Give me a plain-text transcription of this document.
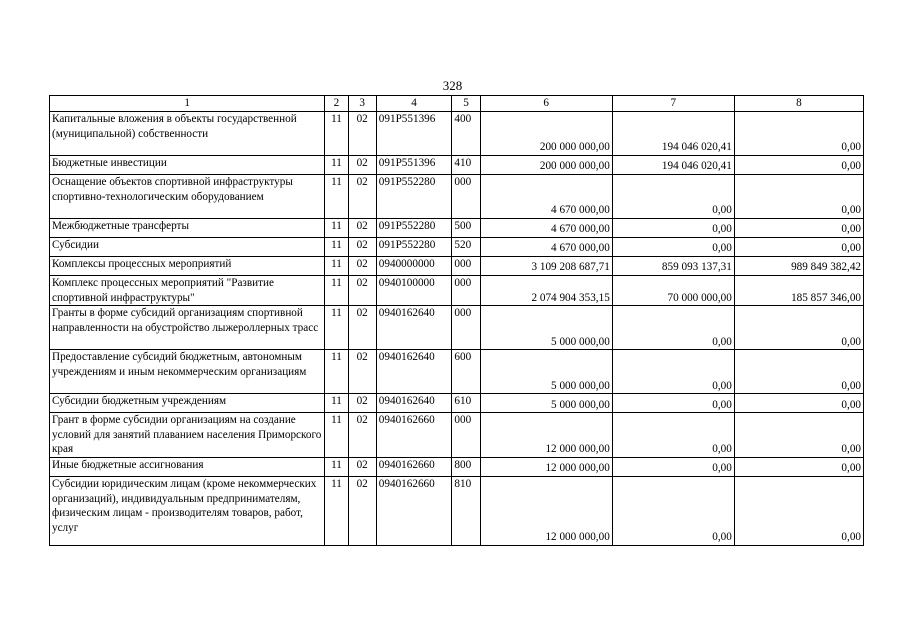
328
1	2	3	4	5	6	7	8
Капитальные вложения в объекты государственной (муниципальной) собственности	11	02	091P551396	400	200 000 000,00	194 046 020,41	0,00
Бюджетные инвестиции	11	02	091P551396	410	200 000 000,00	194 046 020,41	0,00
Оснащение объектов спортивной инфраструктуры спортивно-технологическим оборудованием	11	02	091P552280	000	4 670 000,00	0,00	0,00
Межбюджетные трансферты	11	02	091P552280	500	4 670 000,00	0,00	0,00
Субсидии	11	02	091P552280	520	4 670 000,00	0,00	0,00
Комплексы процессных мероприятий	11	02	0940000000	000	3 109 208 687,71	859 093 137,31	989 849 382,42
Комплекс процессных мероприятий "Развитие спортивной инфраструктуры"	11	02	0940100000	000	2 074 904 353,15	70 000 000,00	185 857 346,00
Гранты в форме субсидий организациям спортивной направленности на обустройство лыжероллерных трасс	11	02	0940162640	000	5 000 000,00	0,00	0,00
Предоставление субсидий бюджетным, автономным учреждениям и иным некоммерческим организациям	11	02	0940162640	600	5 000 000,00	0,00	0,00
Субсидии бюджетным учреждениям	11	02	0940162640	610	5 000 000,00	0,00	0,00
Грант в форме субсидии организациям на создание условий для занятий плаванием населения Приморского края	11	02	0940162660	000	12 000 000,00	0,00	0,00
Иные бюджетные ассигнования	11	02	0940162660	800	12 000 000,00	0,00	0,00
Субсидии юридическим лицам (кроме некоммерческих организаций), индивидуальным предпринимателям, физическим лицам - производителям товаров, работ, услуг	11	02	0940162660	810	12 000 000,00	0,00	0,00
